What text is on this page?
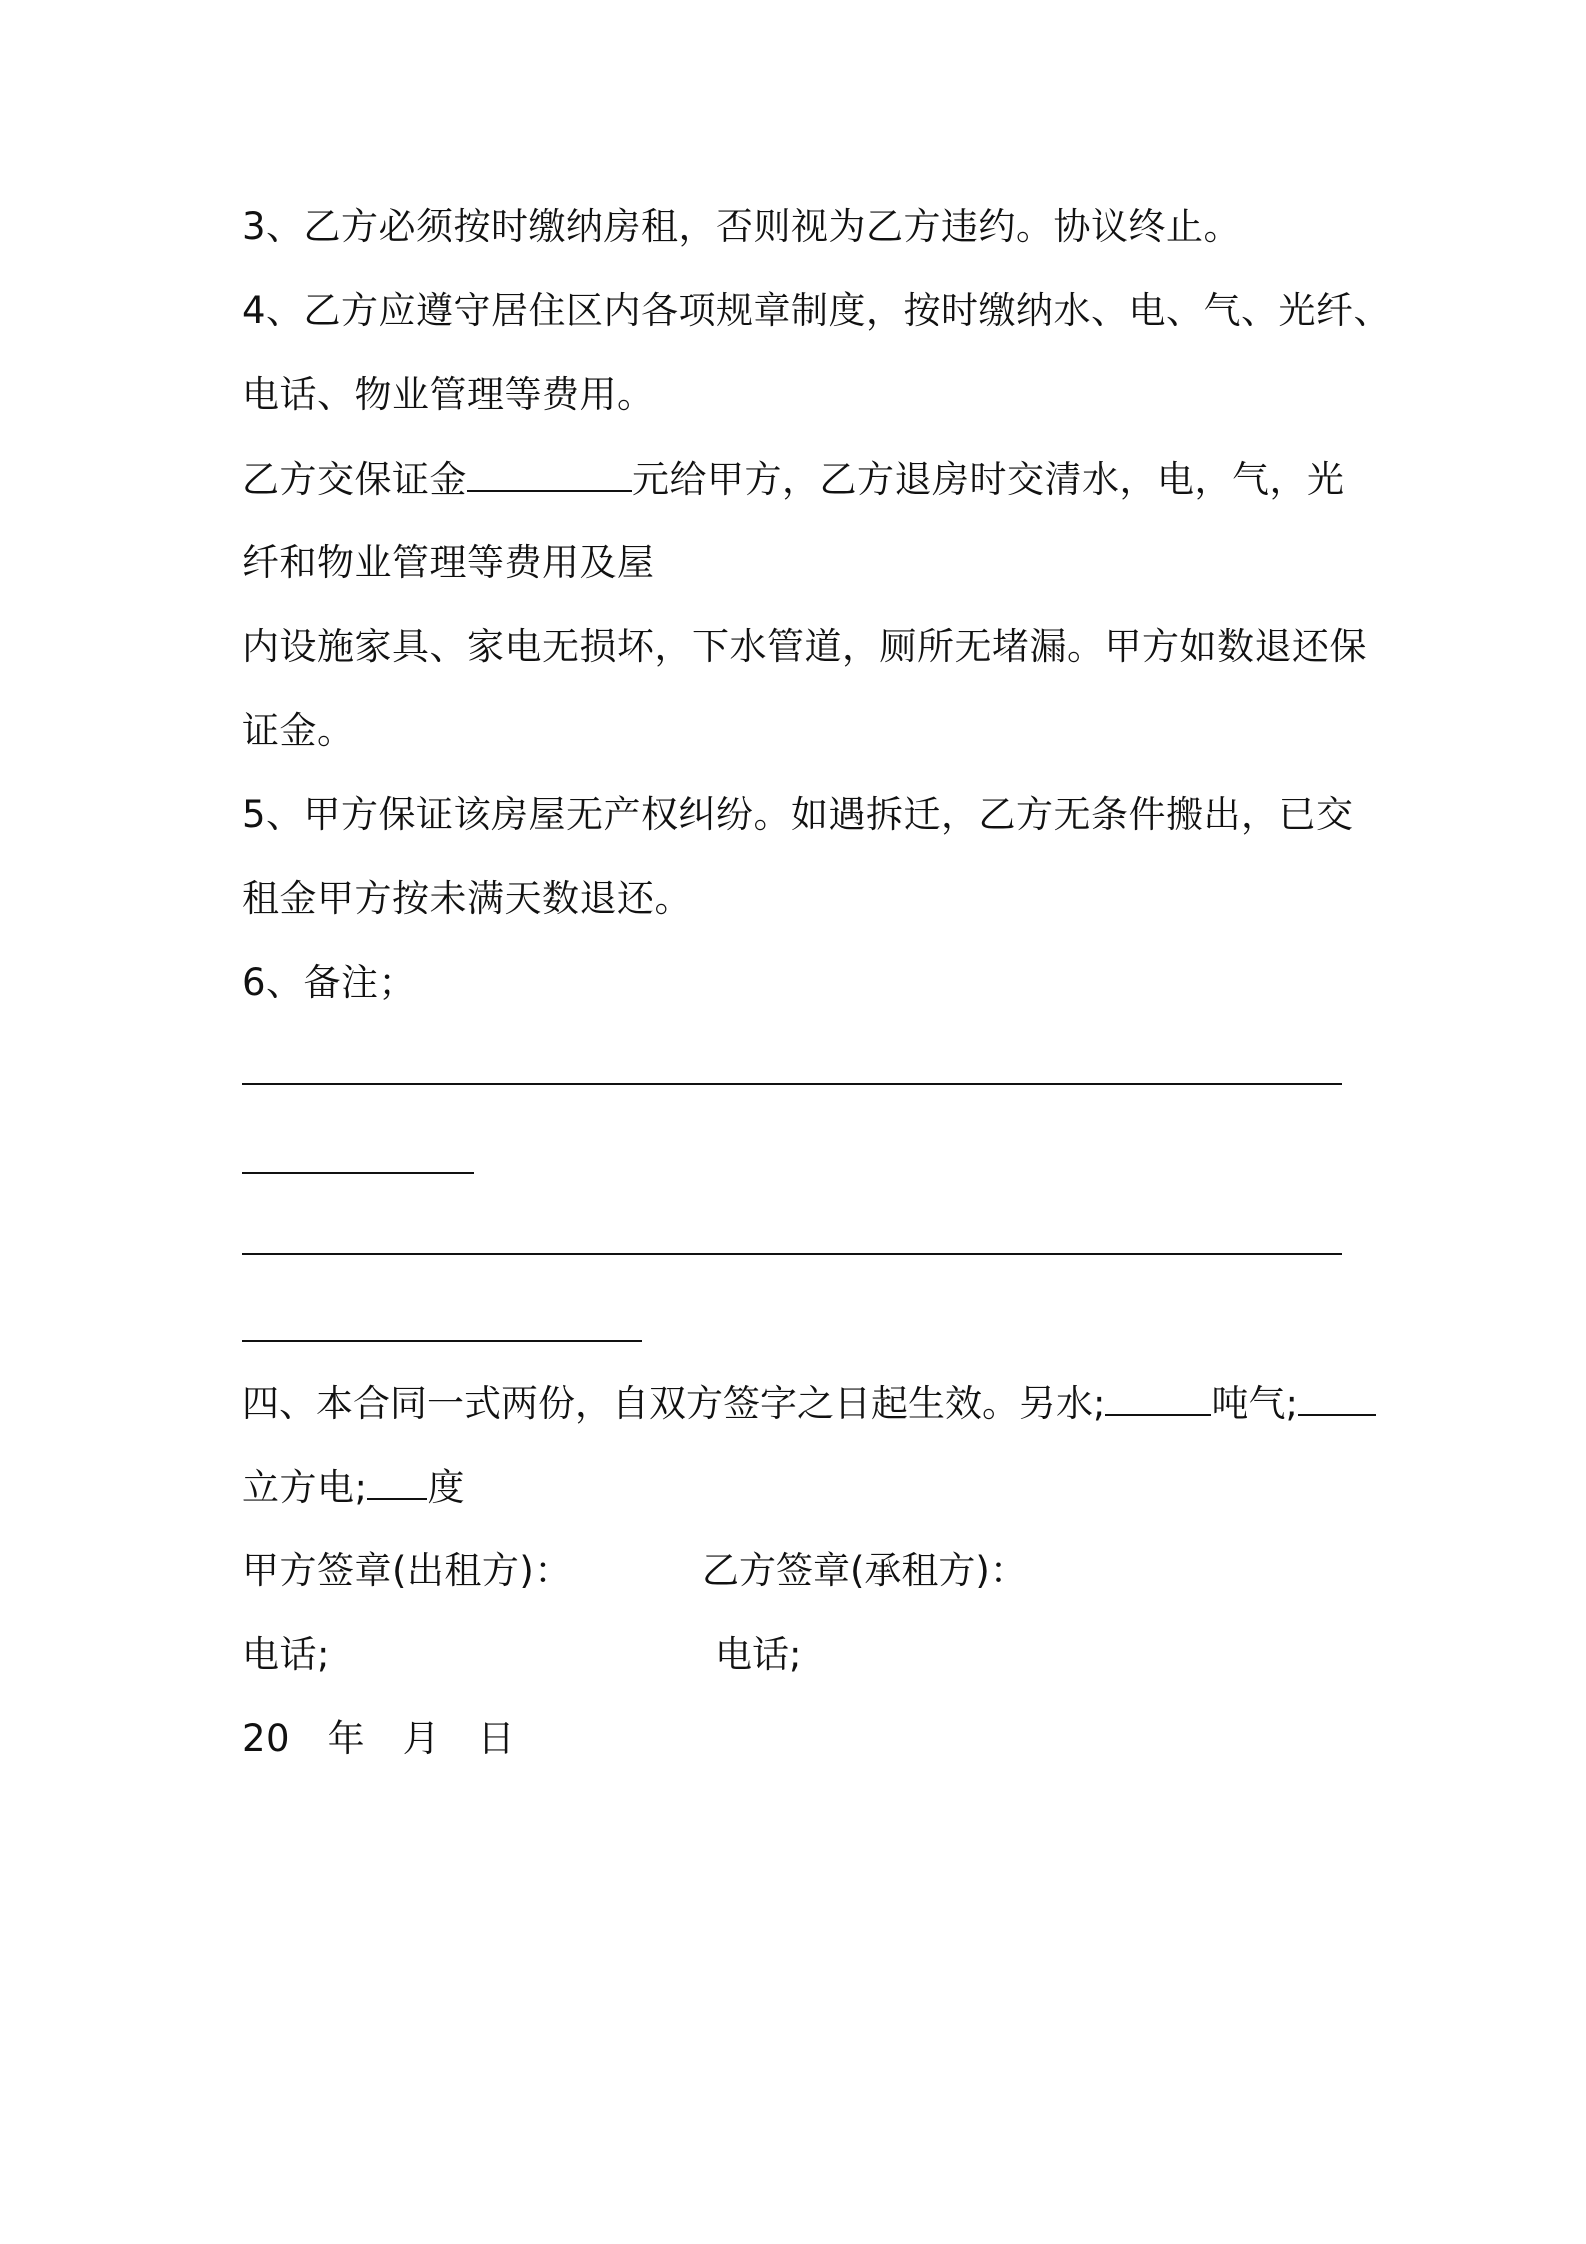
3、乙方必须按时缴纳房租，否则视为乙方违约。协议终止。
4、乙方应遵守居住区内各项规章制度，按时缴纳水、电、气、光纤、
电话、物业管理等费用。
乙方交保证金	元给甲方，乙方退房时交清水，电，气，光
纤和物业管理等费用及屋
内设施家具、家电无损坏，下水管道，厕所无堵漏。甲方如数退还保
证金。
5、甲方保证该房屋无产权纠纷。如遇拆迁，乙方无条件搬出，已交
租金甲方按未满天数退还。
6、备注；
四、本合同一式两份，自双方签字之日起生效。另水;	吨气;
立方电; 度
甲方签章(出租方)：	乙方签章(承租方)：
电话;	电话;
20　年　月　日
